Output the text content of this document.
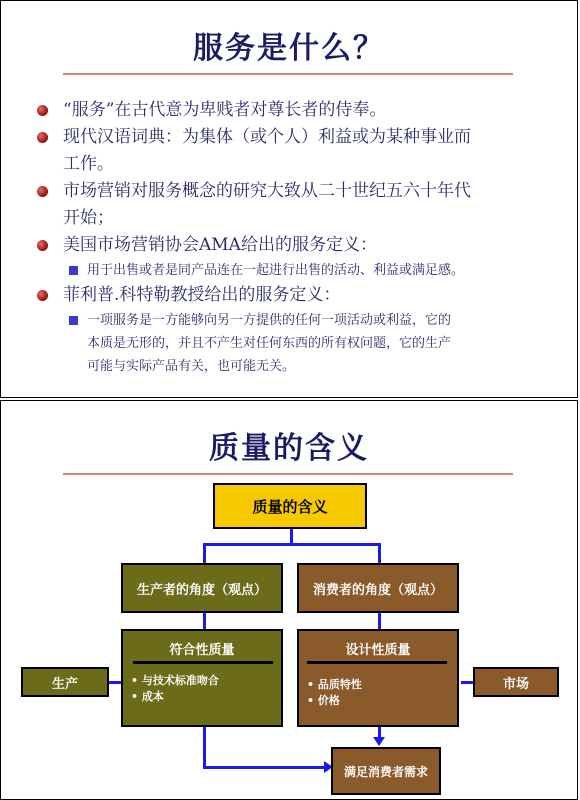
服务是什么？
“服务”在古代意为卑贱者对尊长者的侍奉。
现代汉语词典：为集体（或个人）利益或为某种事业而
工作。
市场营销对服务概念的研究大致从二十世纪五六十年代
开始；
美国市场营销协会AMA给出的服务定义：
用于出售或者是同产品连在一起进行出售的活动、利益或满足感。
菲利普.科特勒教授给出的服务定义：
一项服务是一方能够向另一方提供的任何一项活动或利益，它的
本质是无形的，并且不产生对任何东西的所有权问题，它的生产
可能与实际产品有关，也可能无关。
质量的含义
质量的含义
生产者的角度（观点）	消费者的角度（观点）
符合性质量
• 与技术标准吻合
• 成本
设计性质量
• 品质特性
• 价格
生产	市场
满足消费者需求
